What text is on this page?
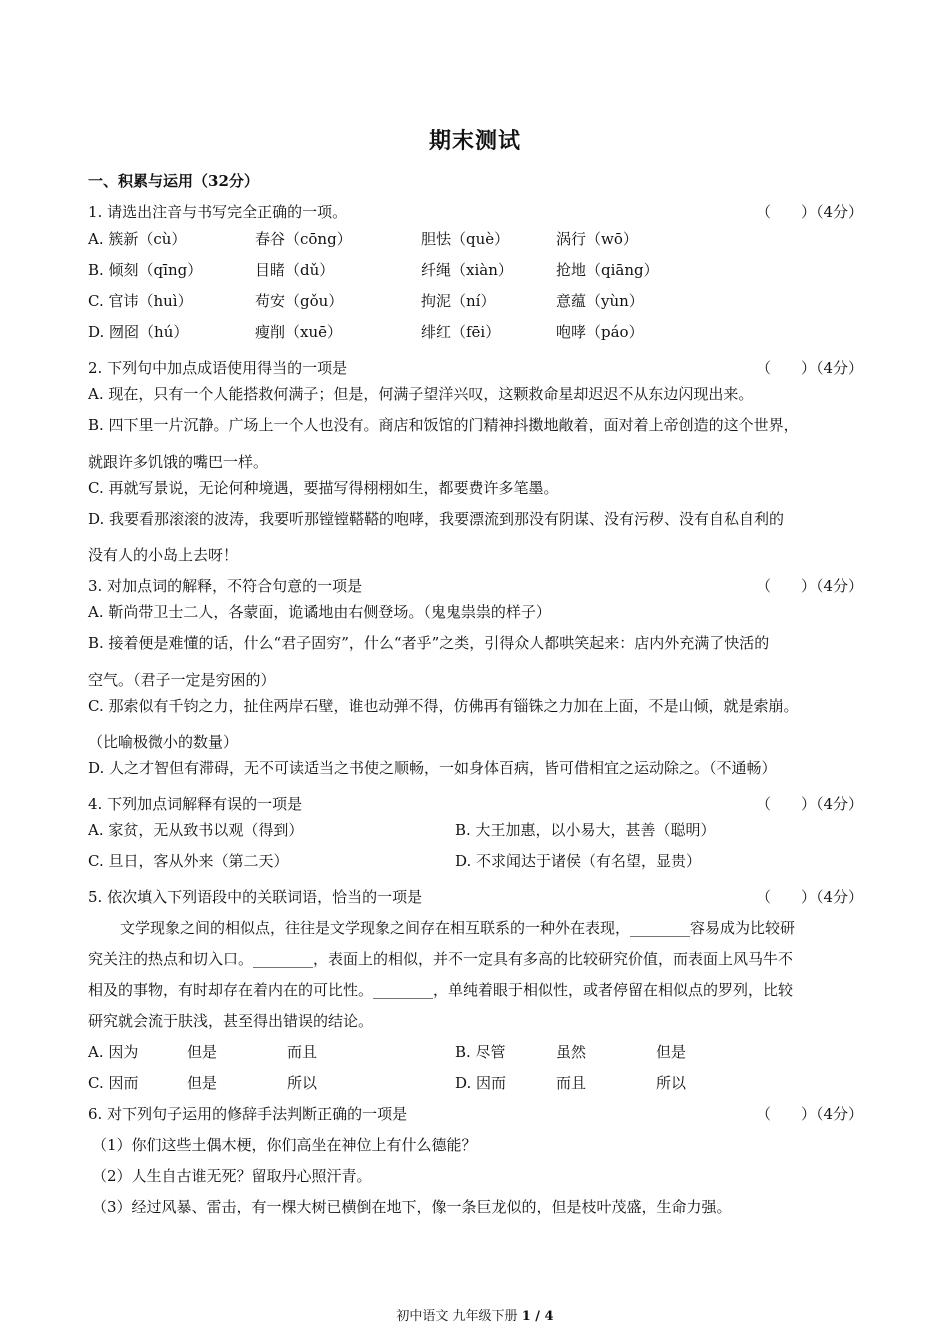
期末测试
一、积累与运用（32分）
1. 请选出注音与书写完全正确的一项。	（　　）（4分）
A. 簇新（cù）	春谷（cōng）	胆怯（què）	涡行（wō）
B. 倾刻（qīng）	目睹（dǔ）	纤绳（xiàn）	抢地（qiāng）
C. 官讳（huì）	苟安（gǒu）	拘泥（ní）	意蕴（yùn）
D. 囫囵（hú）	瘦削（xuē）	绯红（fēi）	咆哮（páo）
2. 下列句中加点成语使用得当的一项是	（　　）（4分）
A. 现在，只有一个人能搭救何满子；但是，何满子望洋兴叹，这颗救命星却迟迟不从东边闪现出来。
B. 四下里一片沉静。广场上一个人也没有。商店和饭馆的门精神抖擞地敞着，面对着上帝创造的这个世界，
就跟许多饥饿的嘴巴一样。
C. 再就写景说，无论何种境遇，要描写得栩栩如生，都要费许多笔墨。
D. 我要看那滚滚的波涛，我要听那镗镗鞳鞳的咆哮，我要漂流到那没有阴谋、没有污秽、没有自私自利的
没有人的小岛上去呀！
3. 对加点词的解释，不符合句意的一项是	（　　）（4分）
A. 靳尚带卫士二人，各蒙面，诡谲地由右侧登场。（鬼鬼祟祟的样子）
B. 接着便是难懂的话，什么“君子固穷”，什么“者乎”之类，引得众人都哄笑起来：店内外充满了快活的
空气。（君子一定是穷困的）
C. 那索似有千钧之力，扯住两岸石壁，谁也动弹不得，仿佛再有锱铢之力加在上面，不是山倾，就是索崩。
（比喻极微小的数量）
D. 人之才智但有滞碍，无不可读适当之书使之顺畅，一如身体百病，皆可借相宜之运动除之。（不通畅）
4. 下列加点词解释有误的一项是	（　　）（4分）
A. 家贫，无从致书以观（得到）	B. 大王加惠，以小易大，甚善（聪明）
C. 旦日，客从外来（第二天）	D. 不求闻达于诸侯（有名望，显贵）
5. 依次填入下列语段中的关联词语，恰当的一项是	（　　）（4分）
文学现象之间的相似点，往往是文学现象之间存在相互联系的一种外在表现，________容易成为比较研
究关注的热点和切入口。________，表面上的相似，并不一定具有多高的比较研究价值，而表面上风马牛不
相及的事物，有时却存在着内在的可比性。________，单纯着眼于相似性，或者停留在相似点的罗列，比较
研究就会流于肤浅，甚至得出错误的结论。
A. 因为	但是	而且	B. 尽管	虽然	但是
C. 因而	但是	所以	D. 因而	而且	所以
6. 对下列句子运用的修辞手法判断正确的一项是	（　　）（4分）
（1）你们这些土偶木梗，你们高坐在神位上有什么德能？
（2）人生自古谁无死？留取丹心照汗青。
（3）经过风暴、雷击，有一棵大树已横倒在地下，像一条巨龙似的，但是枝叶茂盛，生命力强。
初中语文 九年级下册 1 / 4
